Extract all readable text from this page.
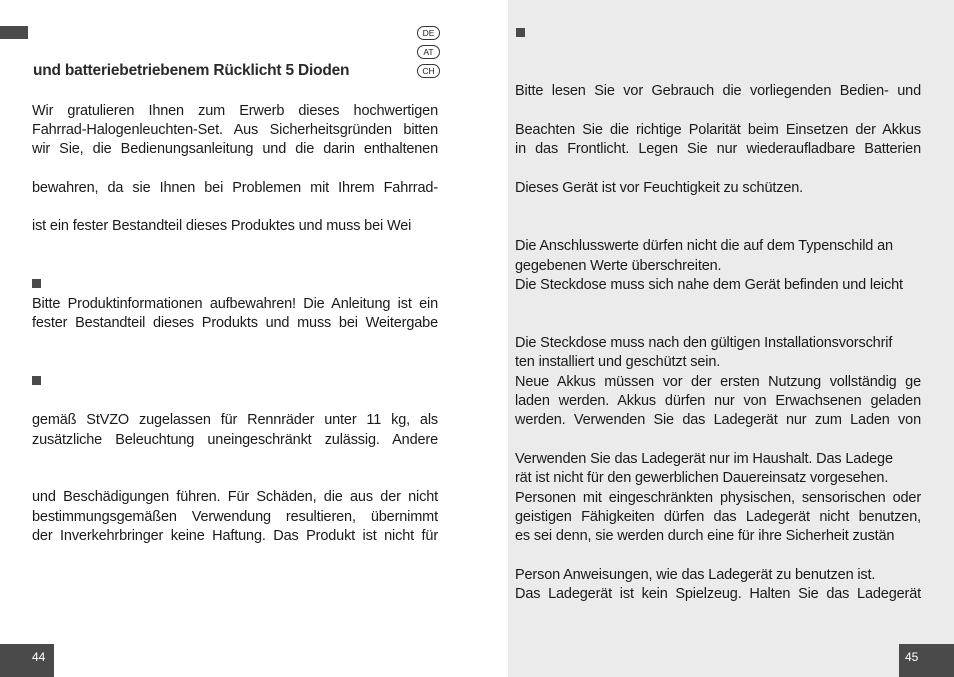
DE
AT
CH
und batteriebetriebenem Rücklicht 5 Dioden
Wir gratulieren Ihnen zum Erwerb dieses hochwertigen
Fahrrad-Halogenleuchten-Set. Aus Sicherheitsgründen bitten
wir Sie, die Bedienungsanleitung und die darin enthaltenen
bewahren, da sie Ihnen bei Problemen mit Ihrem Fahrrad-
ist ein fester Bestandteil dieses Produktes und muss bei Wei
Bitte Produktinformationen aufbewahren! Die Anleitung ist ein
fester Bestandteil dieses Produkts und muss bei Weitergabe
gemäß StVZO zugelassen für Rennräder unter 11 kg, als
zusätzliche Beleuchtung uneingeschränkt zulässig. Andere
und Beschädigungen führen. Für Schäden, die aus der nicht
bestimmungsgemäßen Verwendung resultieren, übernimmt
der Inverkehrbringer keine Haftung. Das Produkt ist nicht für
44
Bitte lesen Sie vor Gebrauch die vorliegenden Bedien- und
Beachten Sie die richtige Polarität beim Einsetzen der Akkus
in das Frontlicht. Legen Sie nur wiederaufladbare Batterien
Dieses Gerät ist vor Feuchtigkeit zu schützen.
Die Anschlusswerte dürfen nicht die auf dem Typenschild an
gegebenen Werte überschreiten.
Die Steckdose muss sich nahe dem Gerät befinden und leicht
Die Steckdose muss nach den gültigen Installationsvorschrif
ten installiert und geschützt sein.
Neue Akkus müssen vor der ersten Nutzung vollständig ge
laden werden. Akkus dürfen nur von Erwachsenen geladen
werden. Verwenden Sie das Ladegerät nur zum Laden von
Verwenden Sie das Ladegerät nur im Haushalt. Das Ladege
rät ist nicht für den gewerblichen Dauereinsatz vorgesehen.
Personen mit eingeschränkten physischen, sensorischen oder
geistigen Fähigkeiten dürfen das Ladegerät nicht benutzen,
es sei denn, sie werden durch eine für ihre Sicherheit zustän
Person Anweisungen, wie das Ladegerät zu benutzen ist.
Das Ladegerät ist kein Spielzeug. Halten Sie das Ladegerät
45
